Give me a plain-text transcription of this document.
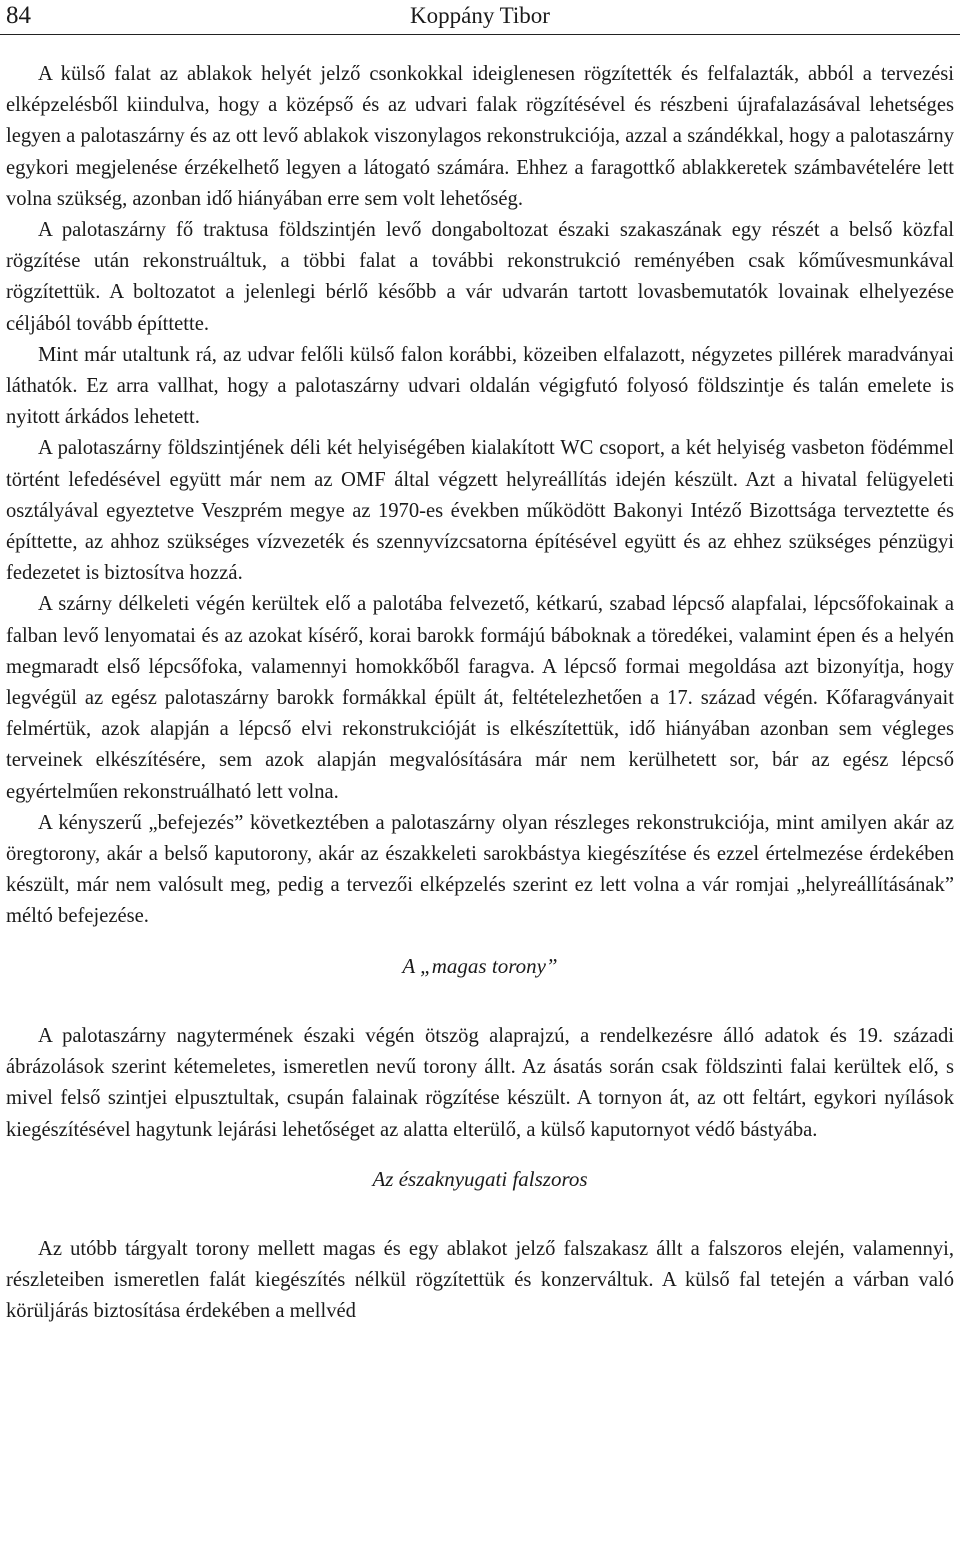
84	Koppány Tibor

A külső falat az ablakok helyét jelző csonkokkal ideiglenesen rögzítették és felfalazták, abból a tervezési elképzelésből kiindulva, hogy a középső és az udvari falak rögzítésével és részbeni újrafalazásával lehetséges legyen a palotaszárny és az ott levő ablakok viszonylagos rekonstrukciója, azzal a szándékkal, hogy a palotaszárny egykori megjelenése érzékelhető legyen a látogató számára. Ehhez a faragottkő ablakkeretek számbavételére lett volna szükség, azonban idő hiányában erre sem volt lehetőség.

A palotaszárny fő traktusa földszintjén levő dongaboltozat északi szakaszának egy részét a belső közfal rögzítése után rekonstruáltuk, a többi falat a további rekonstrukció reményében csak kőművesmunkával rögzítettük. A boltozatot a jelenlegi bérlő később a vár udvarán tartott lovasbemutatók lovainak elhelyezése céljából tovább építtette.

Mint már utaltunk rá, az udvar felőli külső falon korábbi, közeiben elfalazott, négyzetes pillérek maradványai láthatók. Ez arra vallhat, hogy a palotaszárny udvari oldalán végigfutó folyosó földszintje és talán emelete is nyitott árkádos lehetett.

A palotaszárny földszintjének déli két helyiségében kialakított WC csoport, a két helyiség vasbeton födémmel történt lefedésével együtt már nem az OMF által végzett helyreállítás idején készült. Azt a hivatal felügyeleti osztályával egyeztetve Veszprém megye az 1970-es években működött Bakonyi Intéző Bizottsága terveztette és építtette, az ahhoz szükséges vízvezeték és szennyvízcsatorna építésével együtt és az ehhez szükséges pénzügyi fedezetet is biztosítva hozzá.

A szárny délkeleti végén kerültek elő a palotába felvezető, kétkarú, szabad lépcső alapfalai, lépcsőfokainak a falban levő lenyomatai és az azokat kísérő, korai barokk formájú báboknak a töredékei, valamint épen és a helyén megmaradt első lépcsőfoka, valamennyi homokkőből faragva. A lépcső formai megoldása azt bizonyítja, hogy legvégül az egész palotaszárny barokk formákkal épült át, feltételezhetően a 17. század végén. Kőfaragványait felmértük, azok alapján a lépcső elvi rekonstrukcióját is elkészítettük, idő hiányában azonban sem végleges terveinek elkészítésére, sem azok alapján megvalósítására már nem kerülhetett sor, bár az egész lépcső egyértelműen rekonstruálható lett volna.

A kényszerű „befejezés” következtében a palotaszárny olyan részleges rekonstrukciója, mint amilyen akár az öregtorony, akár a belső kaputorony, akár az északkeleti sarokbástya kiegészítése és ezzel értelmezése érdekében készült, már nem valósult meg, pedig a tervezői elképzelés szerint ez lett volna a vár romjai „helyreállításának” méltó befejezése.

A „magas torony”

A palotaszárny nagytermének északi végén ötszög alaprajzú, a rendelkezésre álló adatok és 19. századi ábrázolások szerint kétemeletes, ismeretlen nevű torony állt. Az ásatás során csak földszinti falai kerültek elő, s mivel felső szintjei elpusztultak, csupán falainak rögzítése készült. A tornyon át, az ott feltárt, egykori nyílások kiegészítésével hagytunk lejárási lehetőséget az alatta elterülő, a külső kaputornyot védő bástyába.

Az északnyugati falszoros

Az utóbb tárgyalt torony mellett magas és egy ablakot jelző falszakasz állt a falszoros elején, valamennyi, részleteiben ismeretlen falát kiegészítés nélkül rögzítettük és konzerváltuk. A külső fal tetején a várban való körüljárás biztosítása érdekében a mellvéd
